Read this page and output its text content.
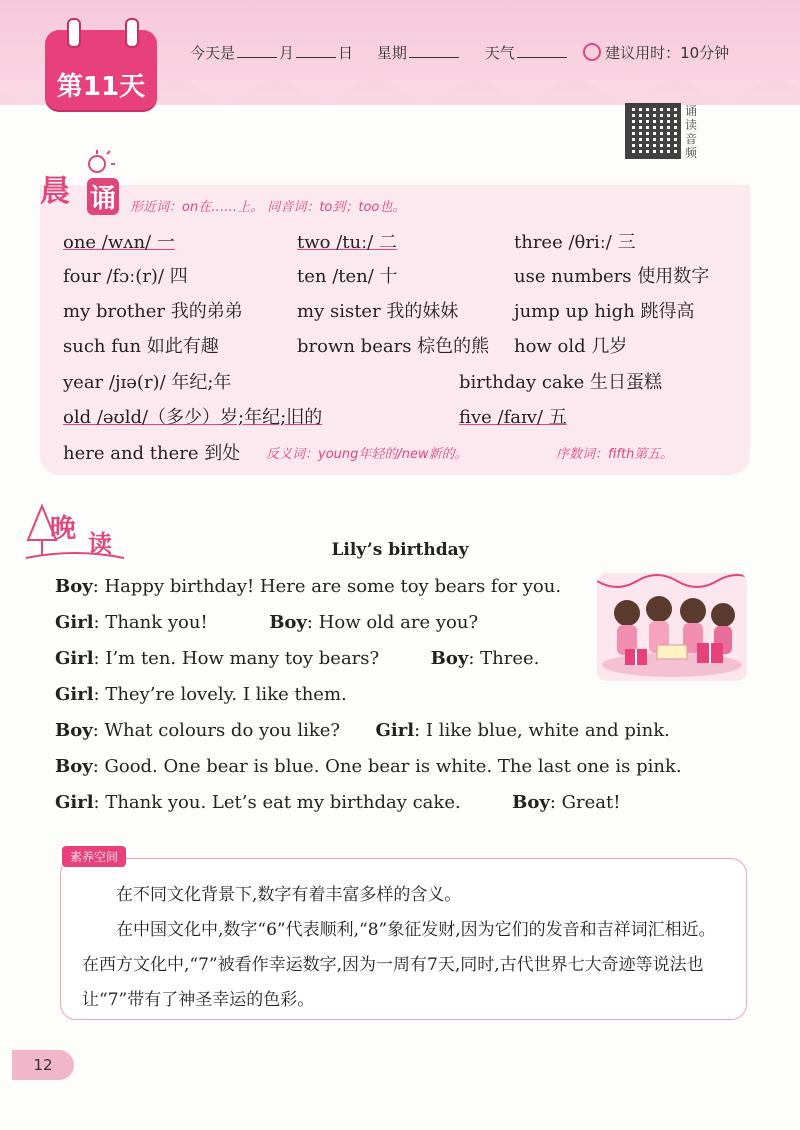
第11天
今天是	月	日 星期	天气	建议用时：10分钟
诵读音频
晨 诵 形近词：on在……上。 同音词：to到；too也。
one /wʌn/ 一	two /tuː/ 二	three /θriː/ 三
four /fɔː(r)/ 四	ten /ten/ 十	use numbers 使用数字
my brother 我的弟弟	my sister 我的妹妹	jump up high 跳得高
such fun 如此有趣	brown bears 棕色的熊 how old 几岁
year /jɪə(r)/ 年纪;年	birthday cake 生日蛋糕
old /əʊld/（多少）岁;年纪;旧的	five /faɪv/ 五
here and there 到处 反义词：young年轻的/new新的。	序数词：fifth第五。
晚 读	Lily’s birthday
Boy: Happy birthday! Here are some toy bears for you.
Girl: Thank you!	Boy: How old are you?
Girl: I’m ten. How many toy bears?	Boy: Three.
Girl: They’re lovely. I like them.
Boy: What colours do you like? Girl: I like blue, white and pink.
Boy: Good. One bear is blue. One bear is white. The last one is pink.
Girl: Thank you. Let’s eat my birthday cake.	Boy: Great!
素养空间

在不同文化背景下,数字有着丰富多样的含义。

在中国文化中,数字“6”代表顺利,“8”象征发财,因为它们的发音和吉祥词汇相近。在西方文化中,“7”被看作幸运数字,因为一周有7天,同时,古代世界七大奇迹等说法也让“7”带有了神圣幸运的色彩。

12
